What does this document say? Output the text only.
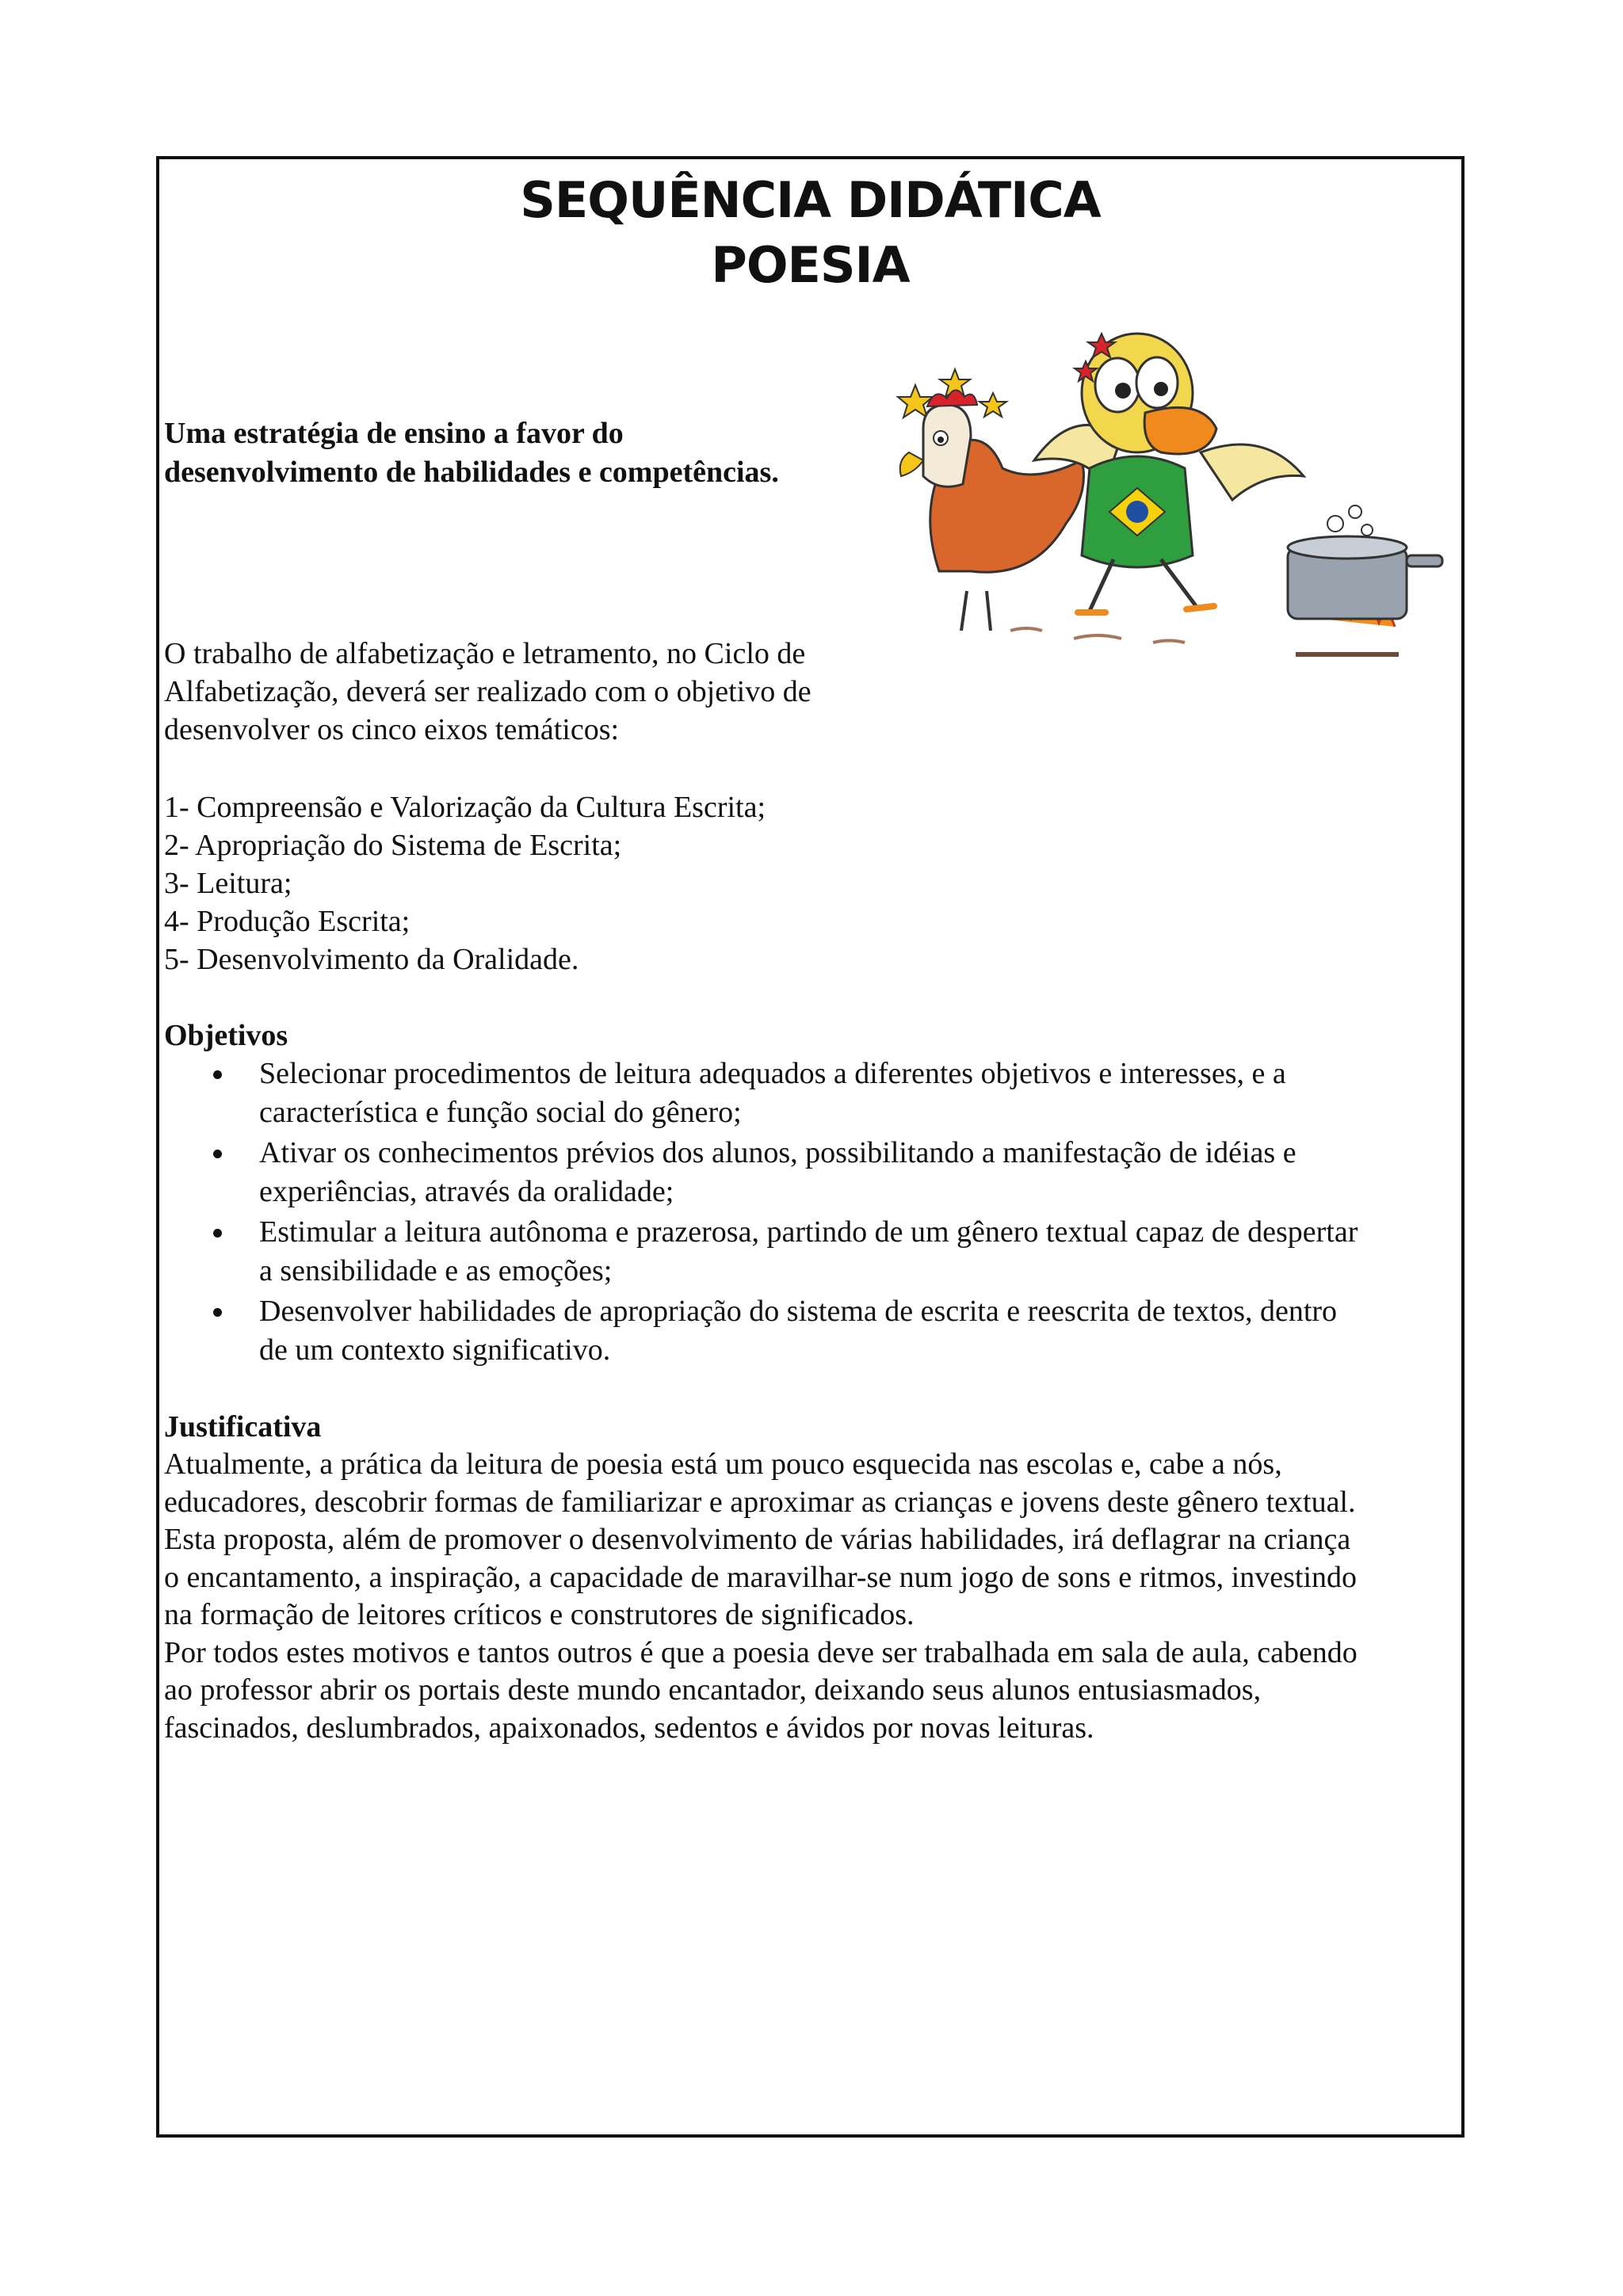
SEQUÊNCIA DIDÁTICA
POESIA
Uma estratégia de ensino a favor do
desenvolvimento de habilidades e competências.
O trabalho de alfabetização e letramento, no Ciclo de
Alfabetização, deverá ser realizado com o objetivo de
desenvolver os cinco eixos temáticos:
1- Compreensão e Valorização da Cultura Escrita;
2- Apropriação do Sistema de Escrita;
3- Leitura;
4- Produção Escrita;
5- Desenvolvimento da Oralidade.
Objetivos
Selecionar procedimentos de leitura adequados a diferentes objetivos e interesses, e a
característica e função social do gênero;
Ativar os conhecimentos prévios dos alunos, possibilitando a manifestação de idéias e
experiências, através da oralidade;
Estimular a leitura autônoma e prazerosa, partindo de um gênero textual capaz de despertar
a sensibilidade e as emoções;
Desenvolver habilidades de apropriação do sistema de escrita e reescrita de textos, dentro
de um contexto significativo.
Justificativa

Atualmente, a prática da leitura de poesia está um pouco esquecida nas escolas e, cabe a nós,

educadores, descobrir formas de familiarizar e aproximar as crianças e jovens deste gênero textual.

Esta proposta, além de promover o desenvolvimento de várias habilidades, irá deflagrar na criança

o encantamento, a inspiração, a capacidade de maravilhar-se num jogo de sons e ritmos, investindo

na formação de leitores críticos e construtores de significados.

Por todos estes motivos e tantos outros é que a poesia deve ser trabalhada em sala de aula, cabendo

ao professor abrir os portais deste mundo encantador, deixando seus alunos entusiasmados,

fascinados, deslumbrados, apaixonados, sedentos e ávidos por novas leituras.
